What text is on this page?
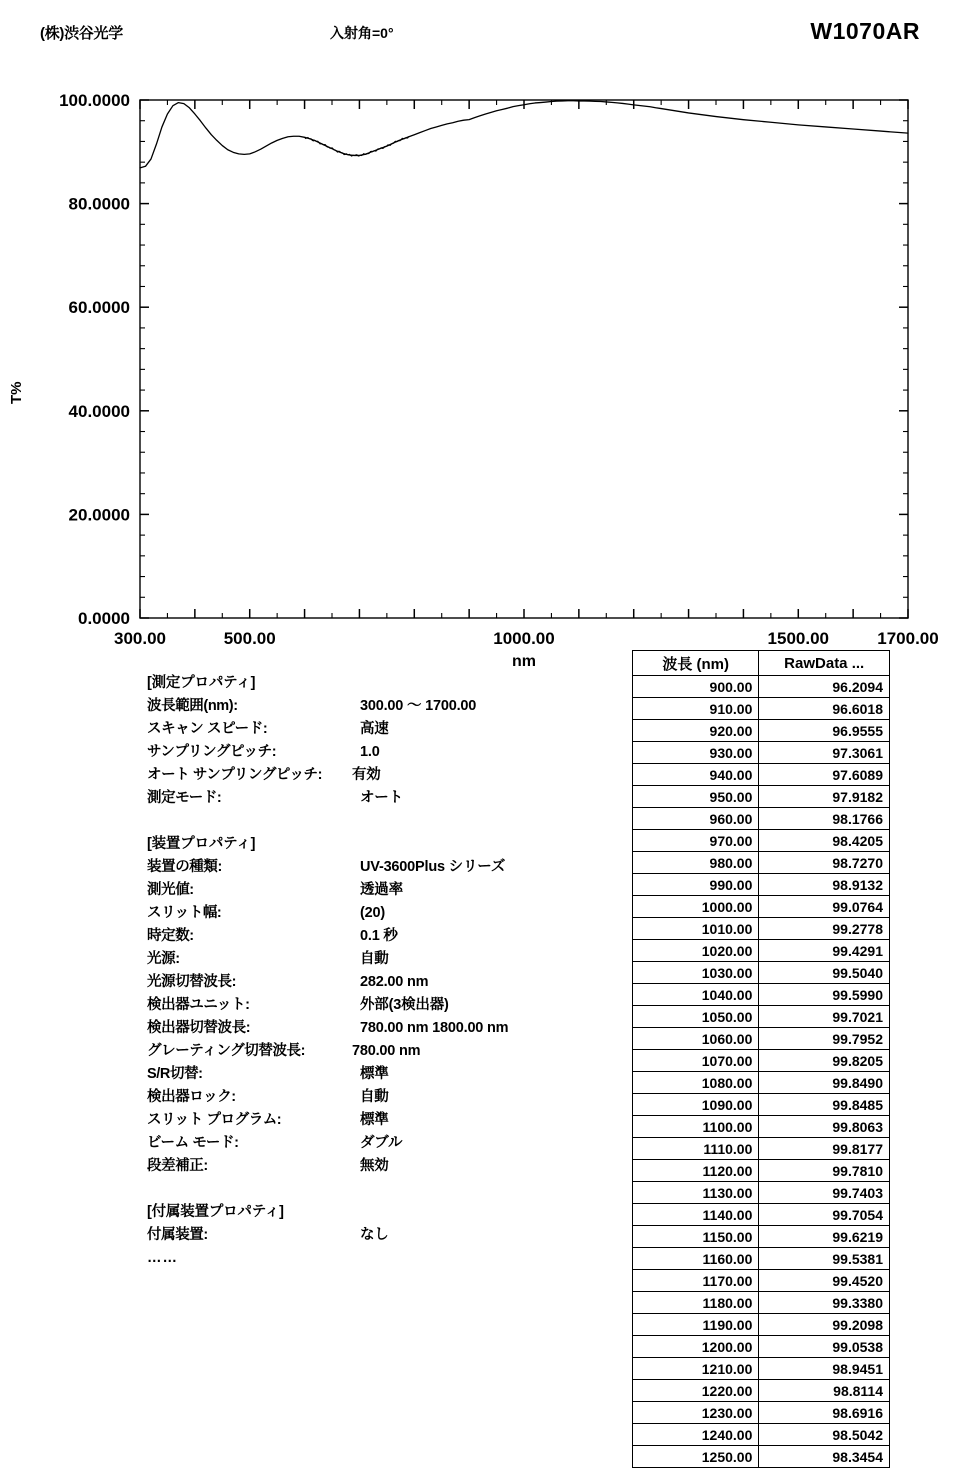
(株)渋谷光学	入射角=0°	W1070AR
T%
0.0000
20.0000
40.0000
60.0000
80.0000
100.0000
300.00	500.00	1000.00	1500.00	1700.00
nm
[測定プロパティ]
波長範囲(nm):	300.00 ～ 1700.00
スキャン スピード:	高速
サンプリングピッチ:	1.0
オート サンプリングピッチ: 有効
測定モード:	オート
[装置プロパティ]
装置の種類:	UV-3600Plus シリーズ
測光値:	透過率
スリット幅:	(20)
時定数:	0.1 秒
光源:	自動
光源切替波長:	282.00 nm
検出器ユニット:	外部(3検出器)
検出器切替波長:	780.00 nm 1800.00 nm
グレーティング切替波長:	780.00 nm
S/R切替:	標準
検出器ロック:	自動
スリット プログラム:	標準
ビーム モード:	ダブル
段差補正:	無効
[付属装置プロパティ]
付属装置:	なし
……
波長 (nm)	RawData ...
900.00	96.2094
910.00	96.6018
920.00	96.9555
930.00	97.3061
940.00	97.6089
950.00	97.9182
960.00	98.1766
970.00	98.4205
980.00	98.7270
990.00	98.9132
1000.00	99.0764
1010.00	99.2778
1020.00	99.4291
1030.00	99.5040
1040.00	99.5990
1050.00	99.7021
1060.00	99.7952
1070.00	99.8205
1080.00	99.8490
1090.00	99.8485
1100.00	99.8063
1110.00	99.8177
1120.00	99.7810
1130.00	99.7403
1140.00	99.7054
1150.00	99.6219
1160.00	99.5381
1170.00	99.4520
1180.00	99.3380
1190.00	99.2098
1200.00	99.0538
1210.00	98.9451
1220.00	98.8114
1230.00	98.6916
1240.00	98.5042
1250.00	98.3454
